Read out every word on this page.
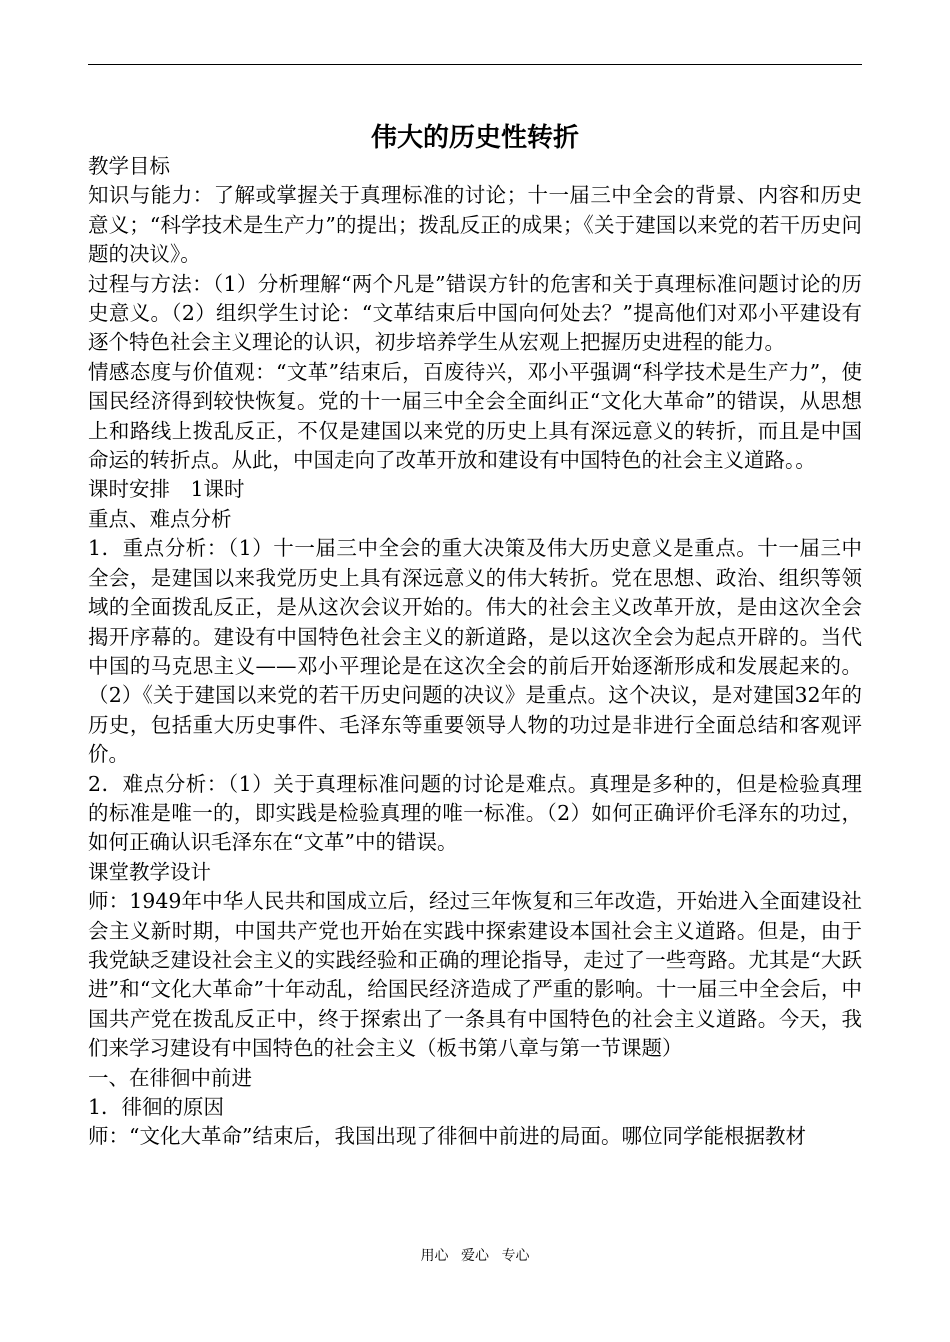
伟大的历史性转折

教学目标

知识与能力：了解或掌握关于真理标准的讨论；十一届三中全会的背景、内容和历史意义；“科学技术是生产力”的提出；拨乱反正的成果；《关于建国以来党的若干历史问题的决议》。

过程与方法：（1）分析理解“两个凡是”错误方针的危害和关于真理标准问题讨论的历史意义。（2）组织学生讨论：“文革结束后中国向何处去？”提高他们对邓小平建设有逐个特色社会主义理论的认识，初步培养学生从宏观上把握历史进程的能力。

情感态度与价值观：“文革”结束后，百废待兴，邓小平强调“科学技术是生产力”，使国民经济得到较快恢复。党的十一届三中全会全面纠正“文化大革命”的错误，从思想上和路线上拨乱反正，不仅是建国以来党的历史上具有深远意义的转折，而且是中国命运的转折点。从此，中国走向了改革开放和建设有中国特色的社会主义道路。。

课时安排　1课时

重点、难点分析

1．重点分析：（1）十一届三中全会的重大决策及伟大历史意义是重点。十一届三中全会，是建国以来我党历史上具有深远意义的伟大转折。党在思想、政治、组织等领域的全面拨乱反正，是从这次会议开始的。伟大的社会主义改革开放，是由这次全会揭开序幕的。建设有中国特色社会主义的新道路，是以这次全会为起点开辟的。当代中国的马克思主义——邓小平理论是在这次全会的前后开始逐渐形成和发展起来的。（2）《关于建国以来党的若干历史问题的决议》是重点。这个决议，是对建国32年的历史，包括重大历史事件、毛泽东等重要领导人物的功过是非进行全面总结和客观评价。

2．难点分析：（1）关于真理标准问题的讨论是难点。真理是多种的，但是检验真理的标准是唯一的，即实践是检验真理的唯一标准。（2）如何正确评价毛泽东的功过，如何正确认识毛泽东在“文革”中的错误。

课堂教学设计

师：1949年中华人民共和国成立后，经过三年恢复和三年改造，开始进入全面建设社会主义新时期，中国共产党也开始在实践中探索建设本国社会主义道路。但是，由于我党缺乏建设社会主义的实践经验和正确的理论指导，走过了一些弯路。尤其是“大跃进”和“文化大革命”十年动乱，给国民经济造成了严重的影响。十一届三中全会后，中国共产党在拨乱反正中，终于探索出了一条具有中国特色的社会主义道路。今天，我们来学习建设有中国特色的社会主义（板书第八章与第一节课题）

一、在徘徊中前进

1．徘徊的原因

师：“文化大革命”结束后，我国出现了徘徊中前进的局面。哪位同学能根据教材

用心 爱心 专心
